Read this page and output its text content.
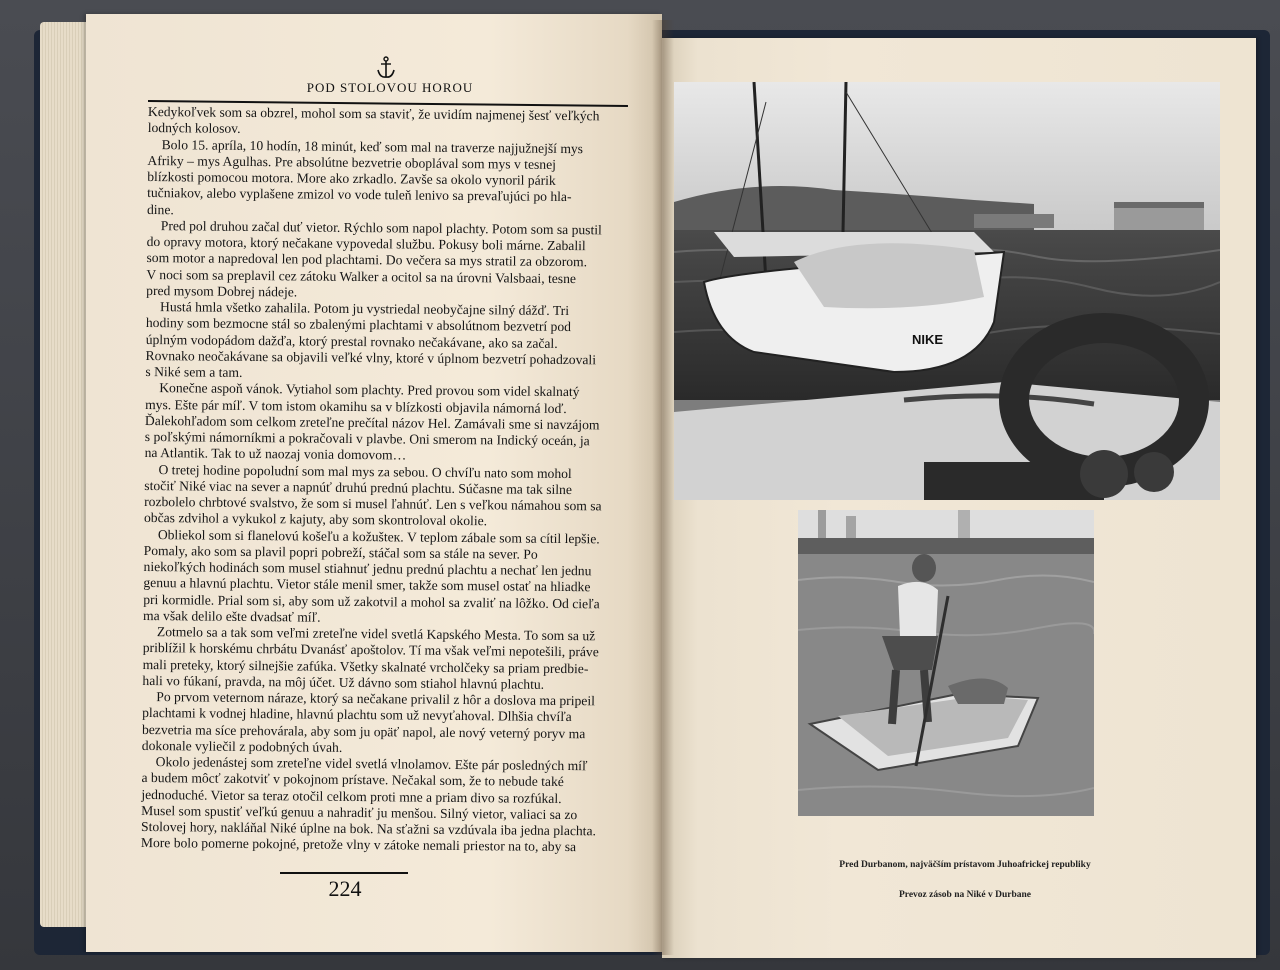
POD STOLOVOU HOROU

Kedykoľvek som sa obzrel, mohol som sa staviť, že uvidím najmenej šesť veľkých

lodných kolosov.

Bolo 15. apríla, 10 hodín, 18 minút, keď som mal na traverze najjužnejší mys

Afriky – mys Agulhas. Pre absolútne bezvetrie oboplával som mys v tesnej

blízkosti pomocou motora. More ako zrkadlo. Zavše sa okolo vynoril párik

tučniakov, alebo vyplašene zmizol vo vode tuleň lenivo sa prevaľujúci po hla-

dine.

Pred pol druhou začal duť vietor. Rýchlo som napol plachty. Potom som sa pustil

do opravy motora, ktorý nečakane vypovedal službu. Pokusy boli márne. Zabalil

som motor a napredoval len pod plachtami. Do večera sa mys stratil za obzorom.

V noci som sa preplavil cez zátoku Walker a ocitol sa na úrovni Valsbaai, tesne

pred mysom Dobrej nádeje.

Hustá hmla všetko zahalila. Potom ju vystriedal neobyčajne silný dážď. Tri

hodiny som bezmocne stál so zbalenými plachtami v absolútnom bezvetrí pod

úplným vodopádom dažďa, ktorý prestal rovnako nečakávane, ako sa začal.

Rovnako neočakávane sa objavili veľké vlny, ktoré v úplnom bezvetrí pohadzovali

s Niké sem a tam.

Konečne aspoň vánok. Vytiahol som plachty. Pred provou som videl skalnatý

mys. Ešte pár míľ. V tom istom okamihu sa v blízkosti objavila námorná loď.

Ďalekohľadom som celkom zreteľne prečítal názov Hel. Zamávali sme si navzájom

s poľskými námorníkmi a pokračovali v plavbe. Oni smerom na Indický oceán, ja

na Atlantik. Tak to už naozaj vonia domovom…

O tretej hodine popoludní som mal mys za sebou. O chvíľu nato som mohol

stočiť Niké viac na sever a napnúť druhú prednú plachtu. Súčasne ma tak silne

rozbolelo chrbtové svalstvo, že som si musel ľahnúť. Len s veľkou námahou som sa

občas zdvihol a vykukol z kajuty, aby som skontroloval okolie.

Obliekol som si flanelovú košeľu a kožušteк. V teplom zábale som sa cítil lepšie.

Pomaly, ako som sa plavil popri pobreží, stáčal som sa stále na sever. Po

niekoľkých hodinách som musel stiahnuť jednu prednú plachtu a nechať len jednu

genuu a hlavnú plachtu. Vietor stále menil smer, takže som musel ostať na hliadke

pri kormidle. Prial som si, aby som už zakotvil a mohol sa zvaliť na lôžko. Od cieľa

ma však delilo ešte dvadsať míľ.

Zotmelo sa a tak som veľmi zreteľne videl svetlá Kapského Mesta. To som sa už

priblížil k horskému chrbátu Dvanásť apoštolov. Tí ma však veľmi nepotešili, práve

mali preteky, ktorý silnejšie zafúka. Všetky skalnaté vrcholčeky sa priam predbie-

hali vo fúkaní, pravda, na môj účet. Už dávno som stiahol hlavnú plachtu.

Po prvom veternom náraze, ktorý sa nečakane privalil z hôr a doslova ma pripeil

plachtami k vodnej hladine, hlavnú plachtu som už nevyťahoval. Dlhšia chvíľa

bezvetria ma síce prehovárala, aby som ju opäť napol, ale nový veterný poryv ma

dokonale vyliečil z podobných úvah.

Okolo jedenástej som zreteľne videl svetlá vlnolamov. Ešte pár posledných míľ

a budem môcť zakotviť v pokojnom prístave. Nečakal som, že to nebude také

jednoduché. Vietor sa teraz otočil celkom proti mne a priam divo sa rozfúkal.

Musel som spustiť veľkú genuu a nahradiť ju menšou. Silný vietor, valiaci sa zo

Stolovej hory, nakláňal Niké úplne na bok. Na sťažni sa vzdúvala iba jedna plachta.

More bolo pomerne pokojné, pretože vlny v zátoke nemali priestor na to, aby sa

224
NIKE
Pred Durbanom, najväčším prístavom Juhoafrickej republiky
Prevoz zásob na Niké v Durbane
